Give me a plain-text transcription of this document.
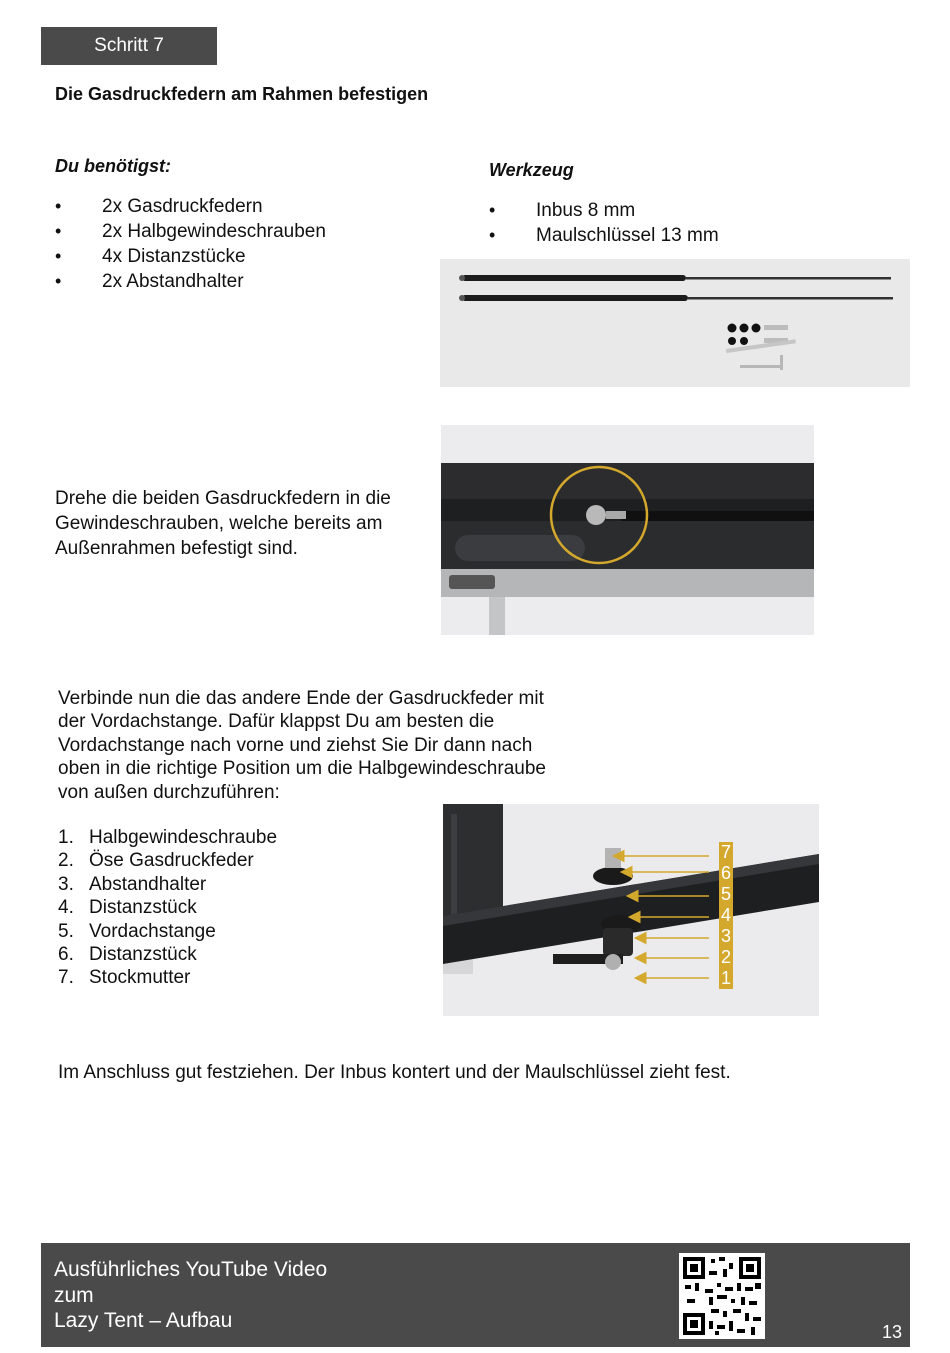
Schritt 7
Die Gasdruckfedern am Rahmen befestigen
Du benötigst:
• 2x Gasdruckfedern
• 2x Halbgewindeschrauben
• 4x Distanzstücke
• 2x Abstandhalter
Werkzeug
• Inbus 8 mm
• Maulschlüssel 13 mm
Drehe die beiden Gasdruckfedern in die
Gewindeschrauben, welche bereits am
Außenrahmen befestigt sind.
Verbinde nun die das andere Ende der Gasdruckfeder mit
der Vordachstange. Dafür klappst Du am besten die
Vordachstange nach vorne und ziehst Sie Dir dann nach
oben in die richtige Position um die Halbgewindeschraube
von außen durchzuführen:
1. Halbgewindeschraube
2. Öse Gasdruckfeder
3. Abstandhalter
4. Distanzstück
5. Vordachstange
6. Distanzstück
7. Stockmutter
7
6
5
4
3
2
1
Im Anschluss gut festziehen. Der Inbus kontert und der Maulschlüssel zieht fest.
Ausführliches YouTube Video
zum
Lazy Tent – Aufbau	13
